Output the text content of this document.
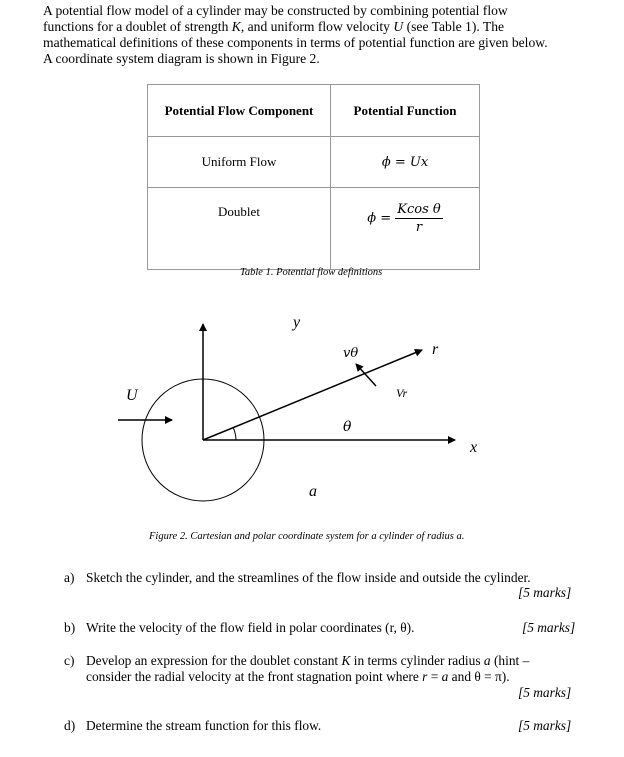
A potential flow model of a cylinder may be constructed by combining potential flow
functions for a doublet of strength K, and uniform flow velocity U (see Table 1). The
mathematical definitions of these components in terms of potential function are given below.
A coordinate system diagram is shown in Figure 2.
Potential Flow Component	Potential Function
Uniform Flow	ϕ = Ux
Doublet	$\phi = \frac{\text{Kcos θ}}{r}$
Table 1. Potential flow definitions
U
y
x
r
vθ
Vr
θ
a
Figure 2. Cartesian and polar coordinate system for a cylinder of radius a.
a) Sketch the cylinder, and the streamlines of the flow inside and outside the cylinder.
[5 marks]
b) Write the velocity of the flow field in polar coordinates (r, θ).	[5 marks]
c) Develop an expression for the doublet constant K in terms cylinder radius a (hint –
consider the radial velocity at the front stagnation point where r = a and θ = π).
[5 marks]
d) Determine the stream function for this flow.	[5 marks]
